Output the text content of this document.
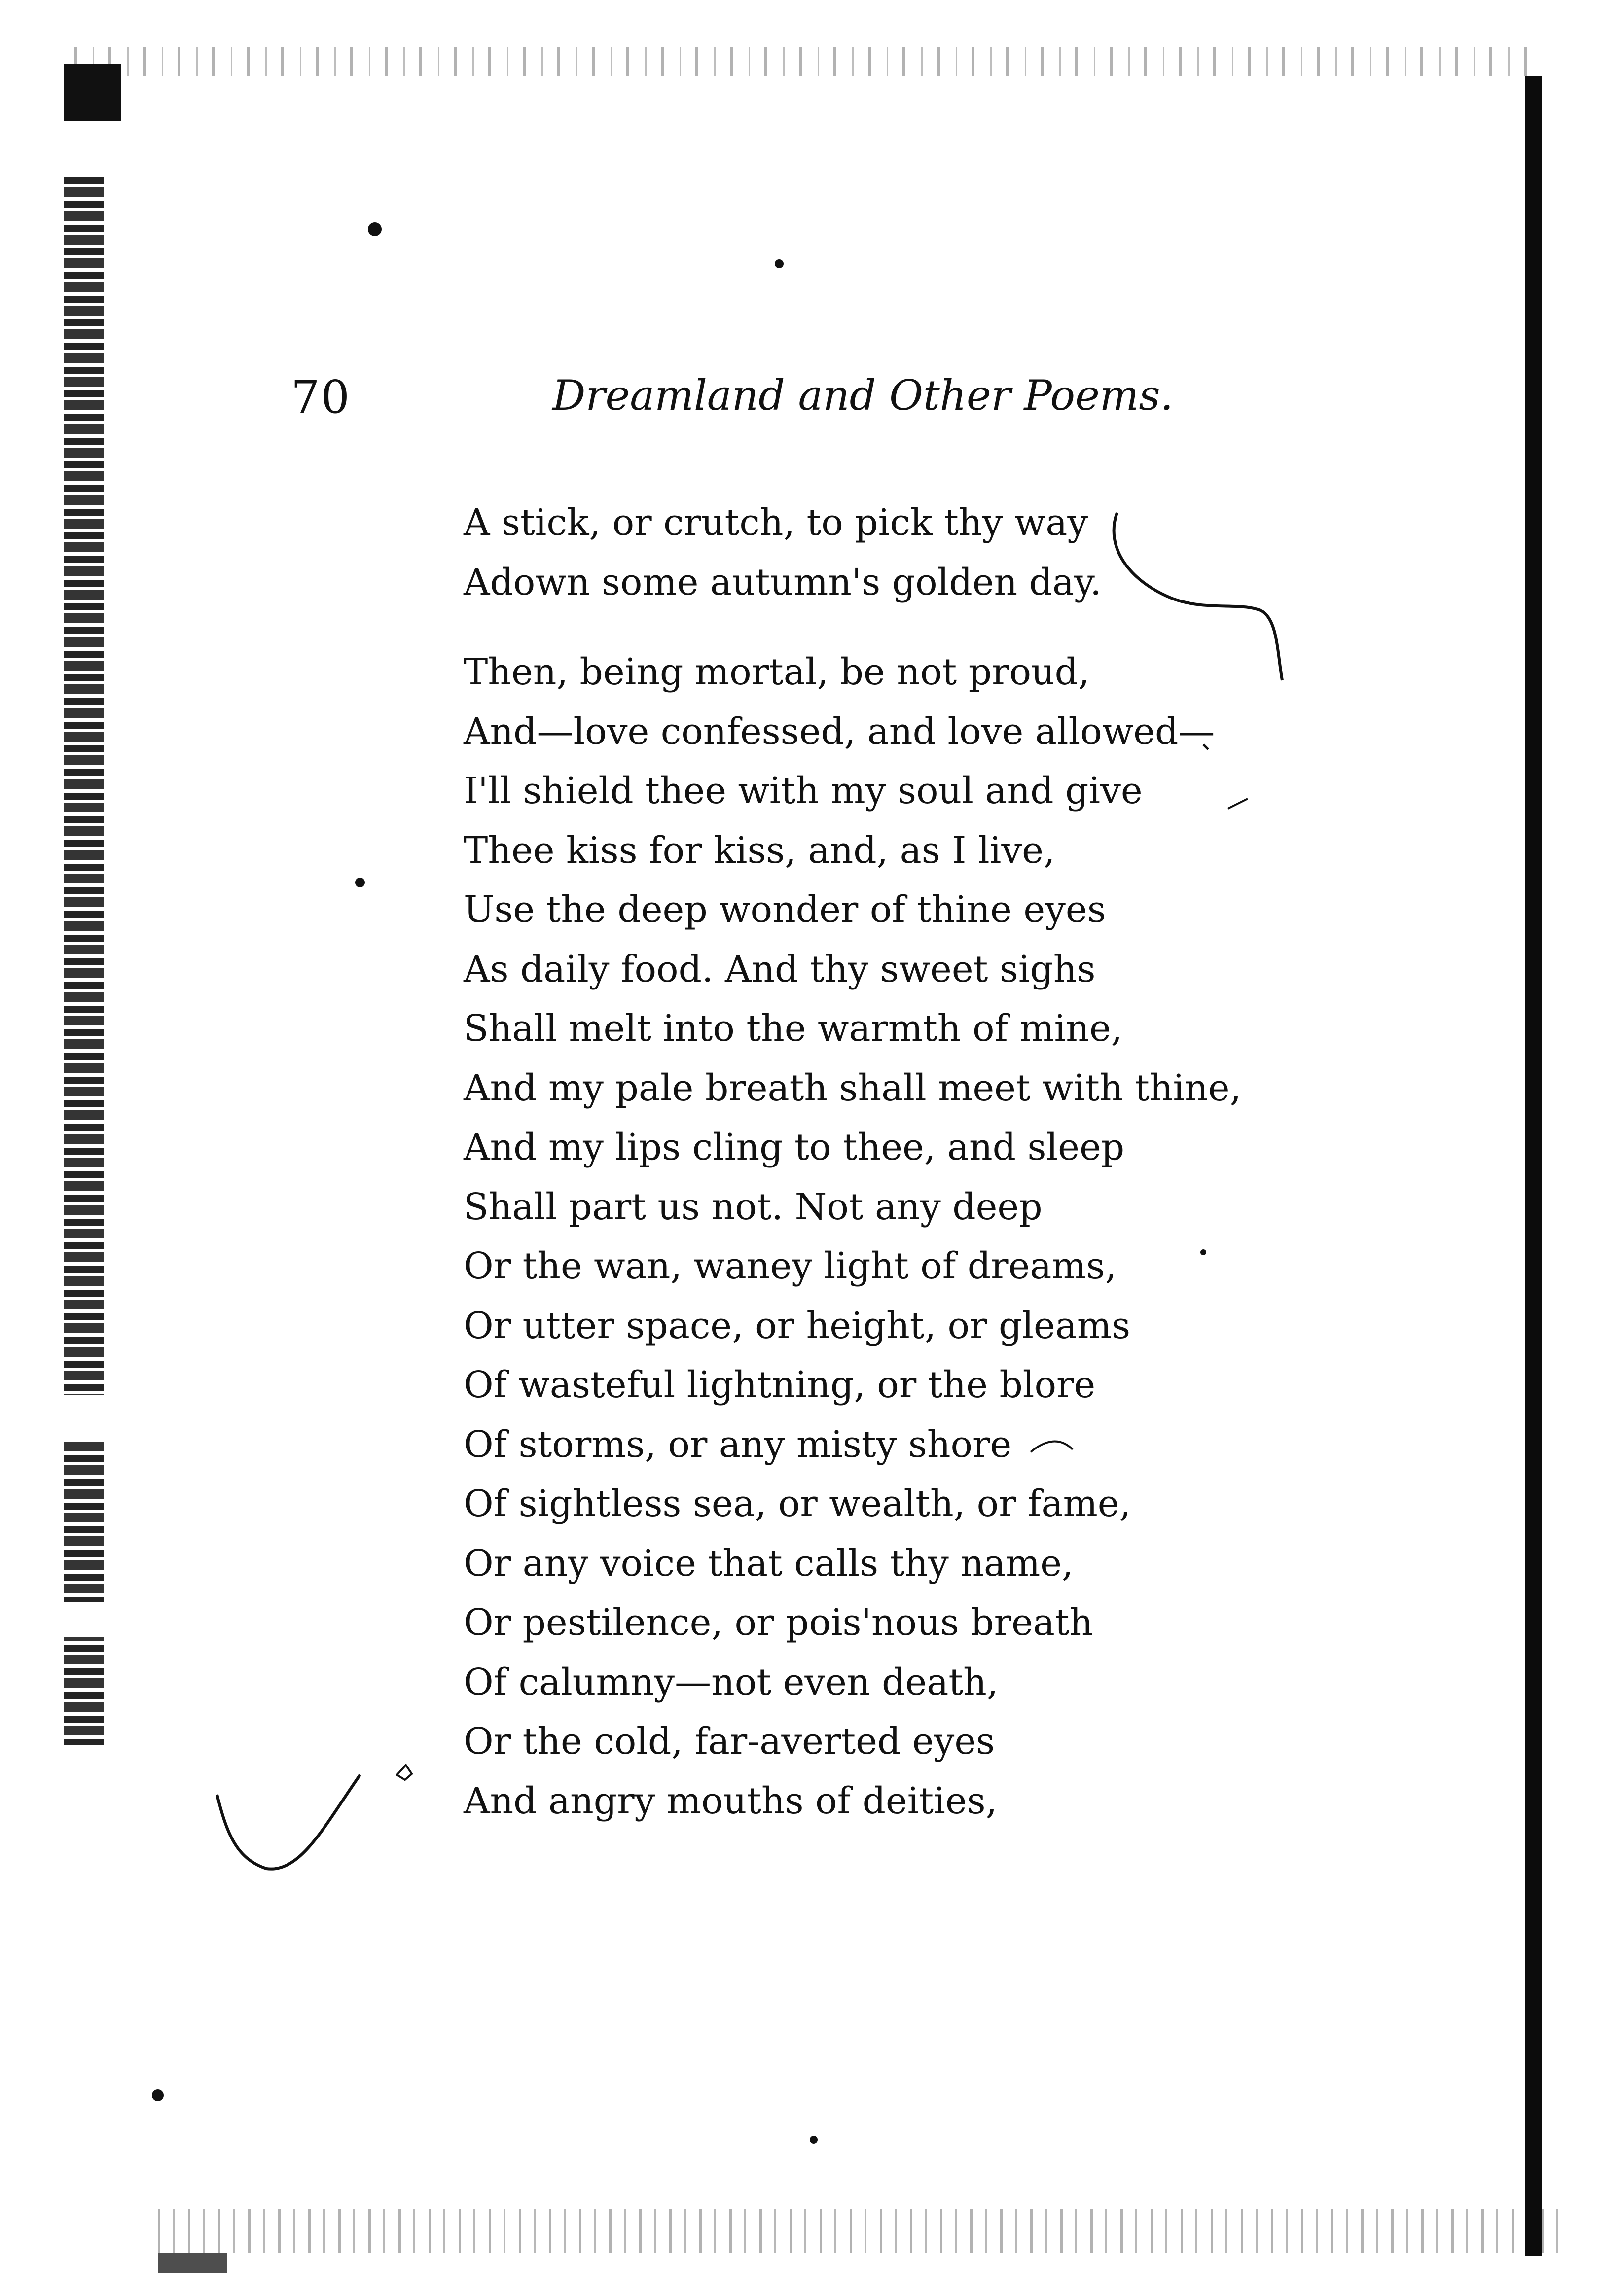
70	Dreamland and Other Poems.
A stick, or crutch, to pick thy way
Adown some autumn's golden day.
Then, being mortal, be not proud,
And—love confessed, and love allowed—
I'll shield thee with my soul and give
Thee kiss for kiss, and, as I live,
Use the deep wonder of thine eyes
As daily food. And thy sweet sighs
Shall melt into the warmth of mine,
And my pale breath shall meet with thine,
And my lips cling to thee, and sleep
Shall part us not. Not any deep
Or the wan, waney light of dreams,
Or utter space, or height, or gleams
Of wasteful lightning, or the blore
Of storms, or any misty shore
Of sightless sea, or wealth, or fame,
Or any voice that calls thy name,
Or pestilence, or pois'nous breath
Of calumny—not even death,
Or the cold, far-averted eyes
And angry mouths of deities,
